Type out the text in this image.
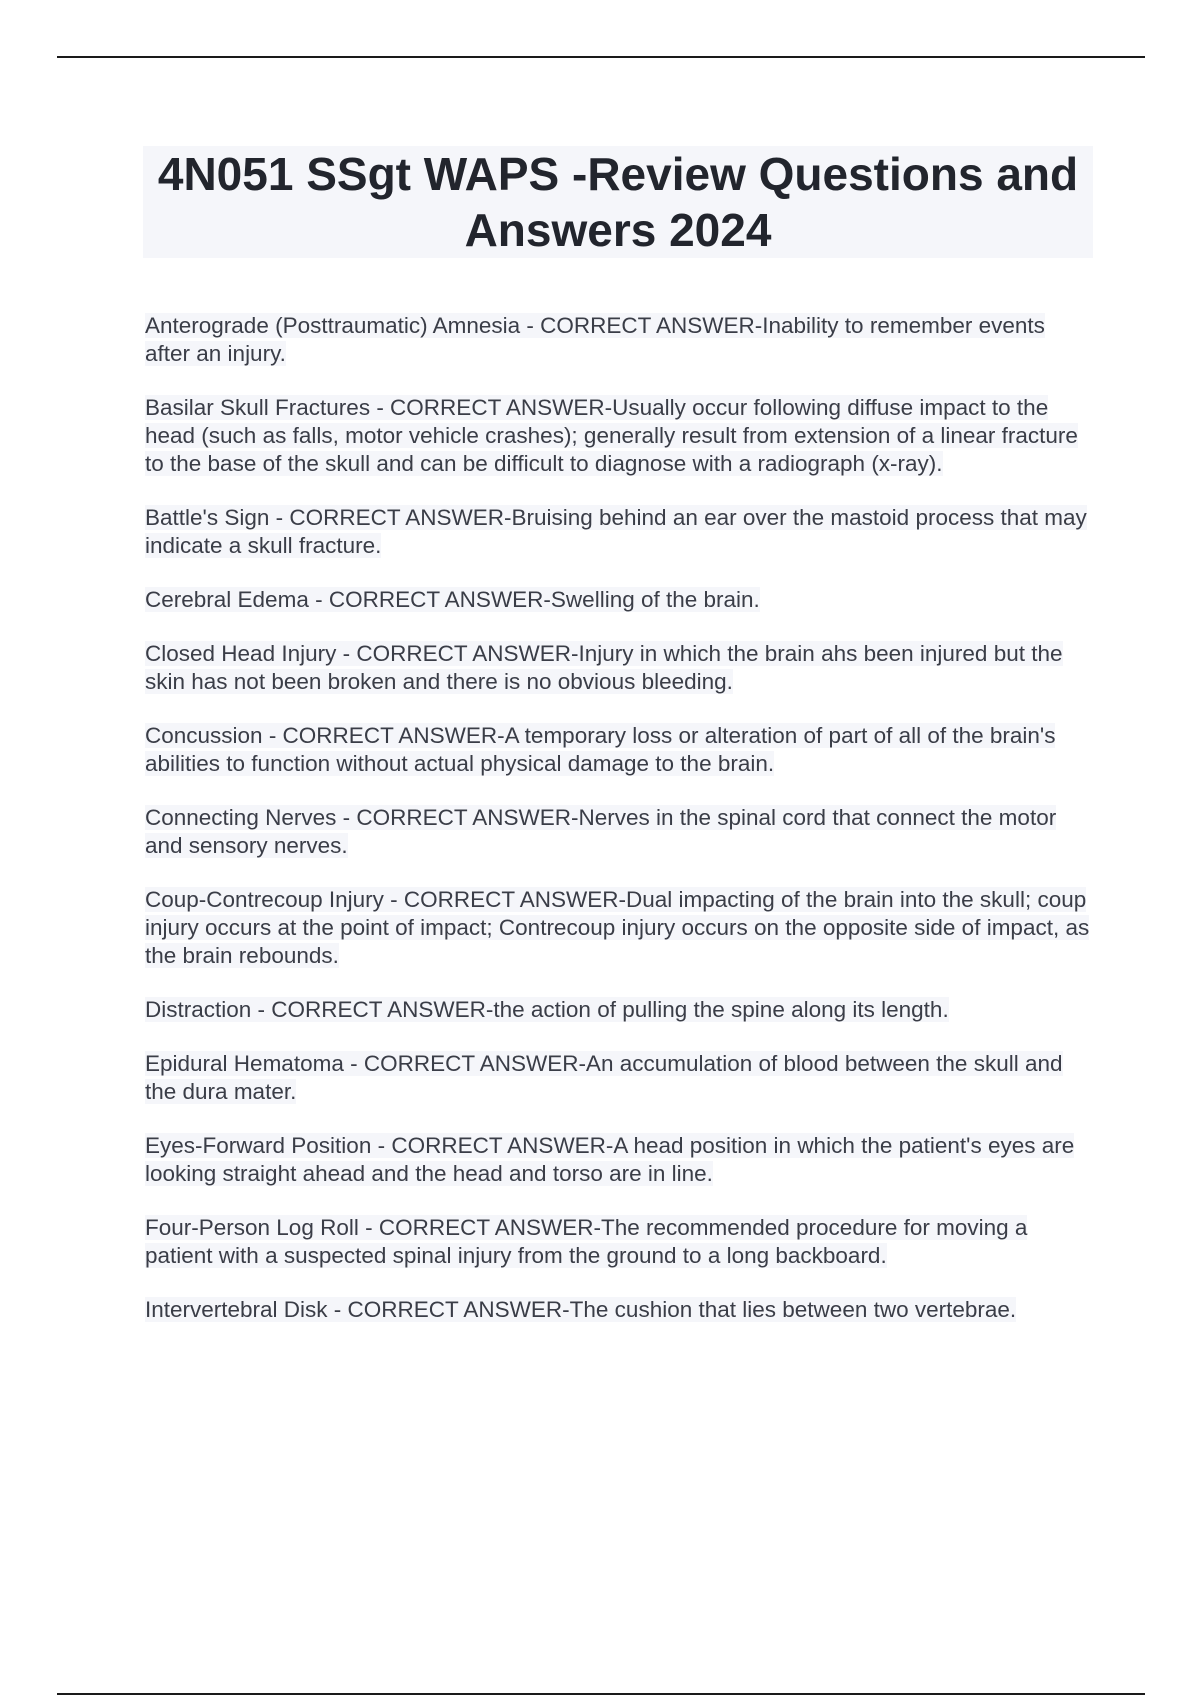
4N051 SSgt WAPS -Review Questions and Answers 2024

Anterograde (Posttraumatic) Amnesia - CORRECT ANSWER-Inability to remember events after an injury.

Basilar Skull Fractures - CORRECT ANSWER-Usually occur following diffuse impact to the head (such as falls, motor vehicle crashes); generally result from extension of a linear fracture to the base of the skull and can be difficult to diagnose with a radiograph (x-ray).

Battle's Sign - CORRECT ANSWER-Bruising behind an ear over the mastoid process that may indicate a skull fracture.

Cerebral Edema - CORRECT ANSWER-Swelling of the brain.

Closed Head Injury - CORRECT ANSWER-Injury in which the brain ahs been injured but the skin has not been broken and there is no obvious bleeding.

Concussion - CORRECT ANSWER-A temporary loss or alteration of part of all of the brain's abilities to function without actual physical damage to the brain.

Connecting Nerves - CORRECT ANSWER-Nerves in the spinal cord that connect the motor and sensory nerves.

Coup-Contrecoup Injury - CORRECT ANSWER-Dual impacting of the brain into the skull; coup injury occurs at the point of impact; Contrecoup injury occurs on the opposite side of impact, as the brain rebounds.

Distraction - CORRECT ANSWER-the action of pulling the spine along its length.

Epidural Hematoma - CORRECT ANSWER-An accumulation of blood between the skull and the dura mater.

Eyes-Forward Position - CORRECT ANSWER-A head position in which the patient's eyes are looking straight ahead and the head and torso are in line.

Four-Person Log Roll - CORRECT ANSWER-The recommended procedure for moving a patient with a suspected spinal injury from the ground to a long backboard.

Intervertebral Disk - CORRECT ANSWER-The cushion that lies between two vertebrae.
